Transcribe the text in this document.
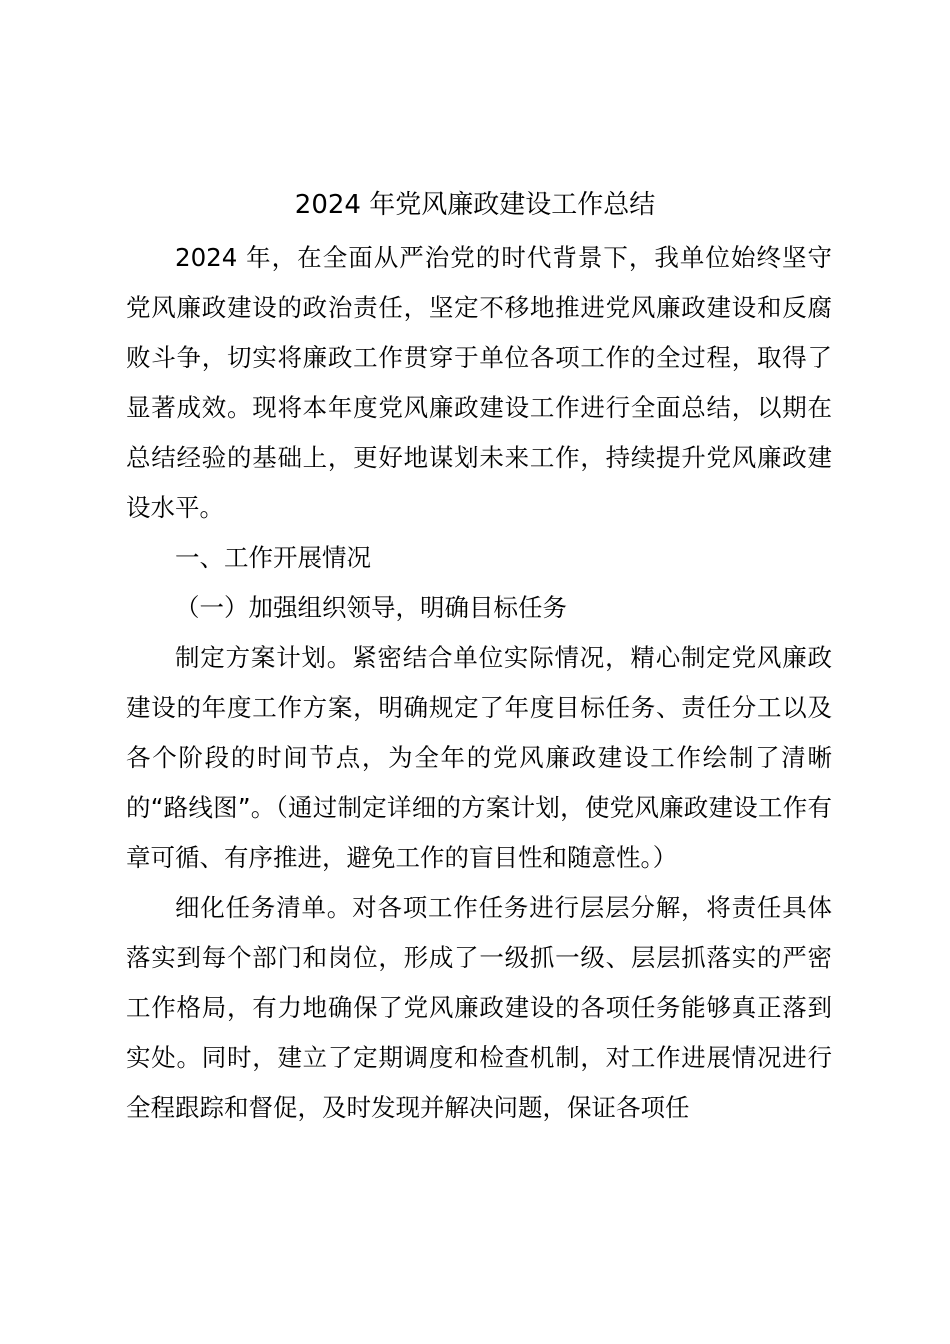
2024 年党风廉政建设工作总结

2024 年，在全面从严治党的时代背景下，我单位始终坚守党风廉政建设的政治责任，坚定不移地推进党风廉政建设和反腐败斗争，切实将廉政工作贯穿于单位各项工作的全过程，取得了显著成效。现将本年度党风廉政建设工作进行全面总结，以期在总结经验的基础上，更好地谋划未来工作，持续提升党风廉政建设水平。

一、工作开展情况

（一）加强组织领导，明确目标任务

制定方案计划。紧密结合单位实际情况，精心制定党风廉政建设的年度工作方案，明确规定了年度目标任务、责任分工以及各个阶段的时间节点，为全年的党风廉政建设工作绘制了清晰的“路线图”。（通过制定详细的方案计划，使党风廉政建设工作有章可循、有序推进，避免工作的盲目性和随意性。）

细化任务清单。对各项工作任务进行层层分解，将责任具体落实到每个部门和岗位，形成了一级抓一级、层层抓落实的严密工作格局，有力地确保了党风廉政建设的各项任务能够真正落到实处。同时，建立了定期调度和检查机制，对工作进展情况进行全程跟踪和督促，及时发现并解决问题，保证各项任
